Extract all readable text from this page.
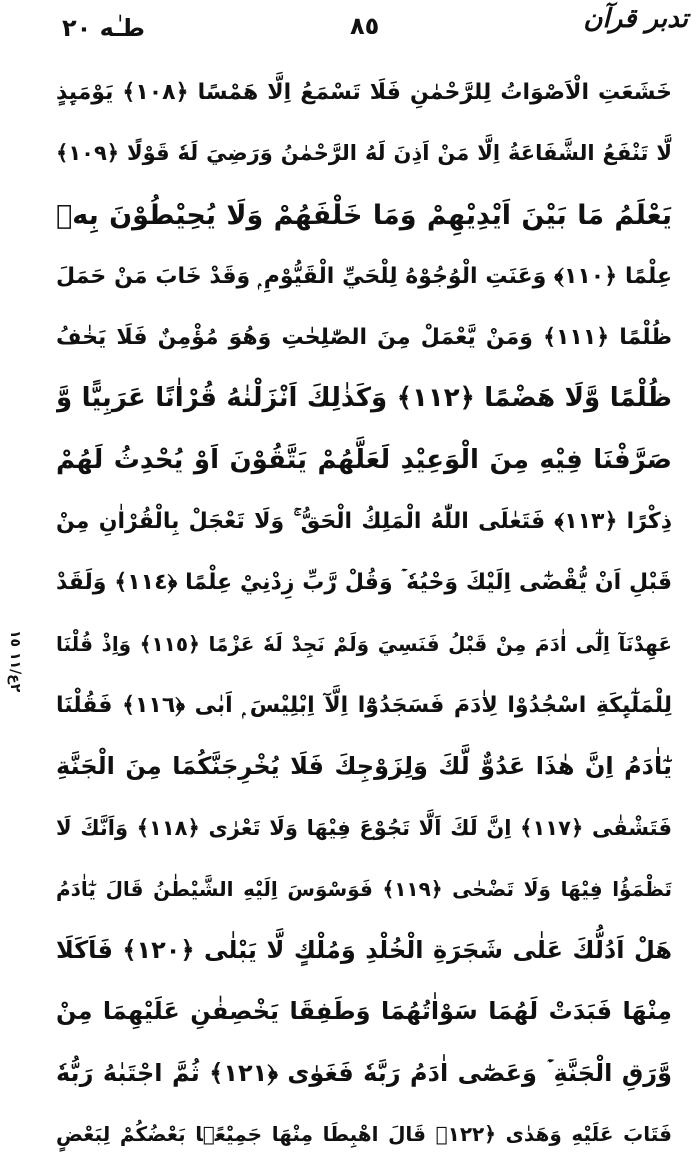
طـٰه ٢٠	٨٥	تدبر قرآن
٢ع/١١ ١٥
خَشَعَتِ الْاَصْوَاتُ لِلرَّحْمٰنِ فَلَا تَسْمَعُ اِلَّا هَمْسًا ﴿١٠٨﴾ يَوْمَىِٕذٍ
لَّا تَنْفَعُ الشَّفَاعَةُ اِلَّا مَنْ اَذِنَ لَهُ الرَّحْمٰنُ وَرَضِيَ لَهٗ قَوْلًا ﴿١٠٩﴾
يَعْلَمُ مَا بَيْنَ اَيْدِيْهِمْ وَمَا خَلْفَهُمْ وَلَا يُحِيْطُوْنَ بِهٖ
عِلْمًا ﴿١١٠﴾ وَعَنَتِ الْوُجُوْهُ لِلْحَيِّ الْقَيُّوْمِ ۭ وَقَدْ خَابَ مَنْ حَمَلَ
ظُلْمًا ﴿١١١﴾ وَمَنْ يَّعْمَلْ مِنَ الصّٰلِحٰتِ وَهُوَ مُؤْمِنٌ فَلَا يَخٰفُ
ظُلْمًا وَّلَا هَضْمًا ﴿١١٢﴾ وَكَذٰلِكَ اَنْزَلْنٰهُ قُرْاٰنًا عَرَبِيًّا وَّ
صَرَّفْنَا فِيْهِ مِنَ الْوَعِيْدِ لَعَلَّهُمْ يَتَّقُوْنَ اَوْ يُحْدِثُ لَهُمْ
ذِكْرًا ﴿١١٣﴾ فَتَعٰلَى اللّٰهُ الْمَلِكُ الْحَقُّ ۚ وَلَا تَعْجَلْ بِالْقُرْاٰنِ مِنْ
قَبْلِ اَنْ يُّقْضٰٓى اِلَيْكَ وَحْيُهٗ ۡ وَقُلْ رَّبِّ زِدْنِيْ عِلْمًا ﴿١١٤﴾ وَلَقَدْ
عَهِدْنَآ اِلٰٓى اٰدَمَ مِنْ قَبْلُ فَنَسِيَ وَلَمْ نَجِدْ لَهٗ عَزْمًا ﴿١١٥﴾ وَاِذْ قُلْنَا
لِلْمَلٰٓىِٕكَةِ اسْجُدُوْا لِاٰدَمَ فَسَجَدُوْٓا اِلَّآ اِبْلِيْسَ ۭ اَبٰى ﴿١١٦﴾ فَقُلْنَا
يٰٓاٰدَمُ اِنَّ هٰذَا عَدُوٌّ لَّكَ وَلِزَوْجِكَ فَلَا يُخْرِجَنَّكُمَا مِنَ الْجَنَّةِ
فَتَشْقٰى ﴿١١٧﴾ اِنَّ لَكَ اَلَّا تَجُوْعَ فِيْهَا وَلَا تَعْرٰى ﴿١١٨﴾ وَاَنَّكَ لَا
تَظْمَؤُا فِيْهَا وَلَا تَضْحٰى ﴿١١٩﴾ فَوَسْوَسَ اِلَيْهِ الشَّيْطٰنُ قَالَ يٰٓاٰدَمُ
هَلْ اَدُلُّكَ عَلٰى شَجَرَةِ الْخُلْدِ وَمُلْكٍ لَّا يَبْلٰى ﴿١٢٠﴾ فَاَكَلَا
مِنْهَا فَبَدَتْ لَهُمَا سَوْاٰتُهُمَا وَطَفِقَا يَخْصِفٰنِ عَلَيْهِمَا مِنْ
وَّرَقِ الْجَنَّةِ ۡ وَعَصٰٓى اٰدَمُ رَبَّهٗ فَغَوٰى ﴿١٢١﴾ ثُمَّ اجْتَبٰهُ رَبُّهٗ
فَتَابَ عَلَيْهِ وَهَدٰى ﴿١٢٢﴾ قَالَ اهْبِطَا مِنْهَا جَمِيْعًۢا بَعْضُكُمْ لِبَعْضٍ
